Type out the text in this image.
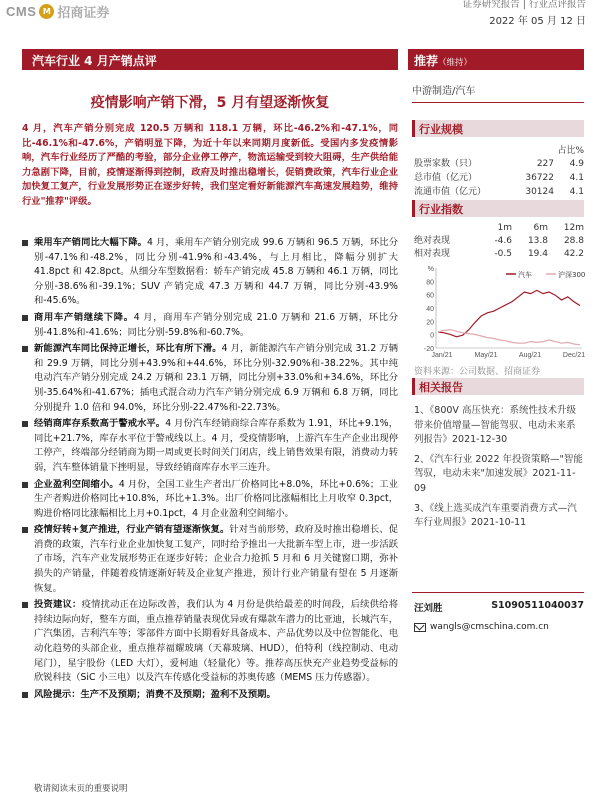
CMS M 招商证券
证券研究报告 | 行业点评报告
2022 年 05 月 12 日
汽车行业 4 月产销点评	推荐（维持）
疫情影响产销下滑，5 月有望逐渐恢复
4 月，汽车产销分别完成 120.5 万辆和 118.1 万辆，环比-46.2%和-47.1%，同比-46.1%和-47.6%，产销明显下降，为近十年以来同期月度新低。受国内多发疫情影响，汽车行业经历了严酷的考验，部分企业停工停产，物流运输受到较大阻碍，生产供给能力急剧下降，目前，疫情逐渐得到控制，政府及时推出稳增长，促销费政策，汽车行业企业加快复工复产，行业发展形势正在逐步好转，我们坚定看好新能源汽车高速发展趋势，维持行业"推荐"评级。
乘用车产销同比大幅下降。4 月，乘用车产销分别完成 99.6 万辆和 96.5 万辆，环比分别-47.1%和-48.2%，同比分别-41.9%和-43.4%，与上月相比，降幅分别扩大 41.8pct 和 42.8pct。从细分车型数据看：轿车产销完成 45.8 万辆和 46.1 万辆，同比分别-38.6%和-39.1%；SUV 产销完成 47.3 万辆和 44.7 万辆，同比分别-43.9%和-45.6%。
商用车产销继续下降。4 月，商用车产销分别完成 21.0 万辆和 21.6 万辆，环比分别-41.8%和-41.6%；同比分别-59.8%和-60.7%。
新能源汽车同比保持正增长，环比有所下滑。4 月，新能源汽车产销分别完成 31.2 万辆和 29.9 万辆，同比分别+43.9%和+44.6%，环比分别-32.90%和-38.22%。其中纯电动汽车产销分别完成 24.2 万辆和 23.1 万辆，同比分别+33.0%和+34.6%，环比分别-35.64%和-41.67%；插电式混合动力汽车产销分别完成 6.9 万辆和 6.8 万辆，同比分别提升 1.0 倍和 94.0%，环比分别-22.47%和-22.73%。
经销商库存系数高于警戒水平。4 月份汽车经销商综合库存系数为 1.91，环比+9.1%，同比+21.7%，库存水平位于警戒线以上。4 月，受疫情影响，上游汽车生产企业出现停工停产，终端部分经销商为期一周或更长时间关门闭店，线上销售效果有限，消费动力转弱，汽车整体销量下挫明显，导致经销商库存水平三连升。
企业盈利空间缩小。4 月份，全国工业生产者出厂价格同比+8.0%，环比+0.6%；工业生产者购进价格同比+10.8%，环比+1.3%。出厂价格同比涨幅相比上月收窄 0.3pct，购进价格同比涨幅相比上月+0.1pct，4 月企业盈利空间缩小。
疫情好转+复产推进，行业产销有望逐渐恢复。针对当前形势，政府及时推出稳增长、促消费的政策，汽车行业企业加快复工复产，同时给予推出一大批新车型上市，进一步活跃了市场，汽车产业发展形势正在逐步好转；企业合力抢抓 5 月和 6 月关键窗口期，弥补损失的产销量，伴随着疫情逐渐好转及企业复产推进，预计行业产销量有望在 5 月逐渐恢复。
投资建议：疫情扰动正在边际改善，我们认为 4 月份是供给最差的时间段，后续供给将持续边际向好，整车方面，重点推荐销量表现优异或有爆款车潜力的比亚迪，长城汽车，广汽集团，吉利汽车等；零部件方面中长期看好具备成本、产品优势以及中位智能化、电动化趋势的头部企业，重点推荐福耀玻璃（天幕玻璃、HUD），伯特利（线控制动、电动尾门），星宇股份（LED 大灯），爱柯迪（轻量化）等。推荐高压快充产业趋势受益标的欣锐科技（SiC 小三电）以及汽车传感化受益标的苏奥传感（MEMS 压力传感器）。
风险提示：生产不及预期；消费不及预期；盈利不及预期。
中游制造/汽车
行业规模
占比%
股票家数（只）	227	4.9
总市值（亿元）	36722	4.1
流通市值（亿元）	30124	4.1
行业指数
1m	6m	12m
绝对表现	-4.6	13.8	28.8
相对表现	-0.5	19.4	42.2
%
80
60
40
20
0
-20
Jan/21	May/21	Aug/21	Dec/21
汽车	沪深300
资料来源：公司数据、招商证券
相关报告
1、《800V 高压快充：系统性技术升级带来价值增量—智能驾驭、电动未来系列报告》2021-12-30
2、《汽车行业 2022 年投资策略—"智能驾驭，电动未来"加速发展》2021-11-09
3、《线上选买成汽车重要消费方式—汽车行业周报》2021-10-11
汪刘胜	S1090511040037
wangls@cmschina.com.cn
敬请阅读末页的重要说明
